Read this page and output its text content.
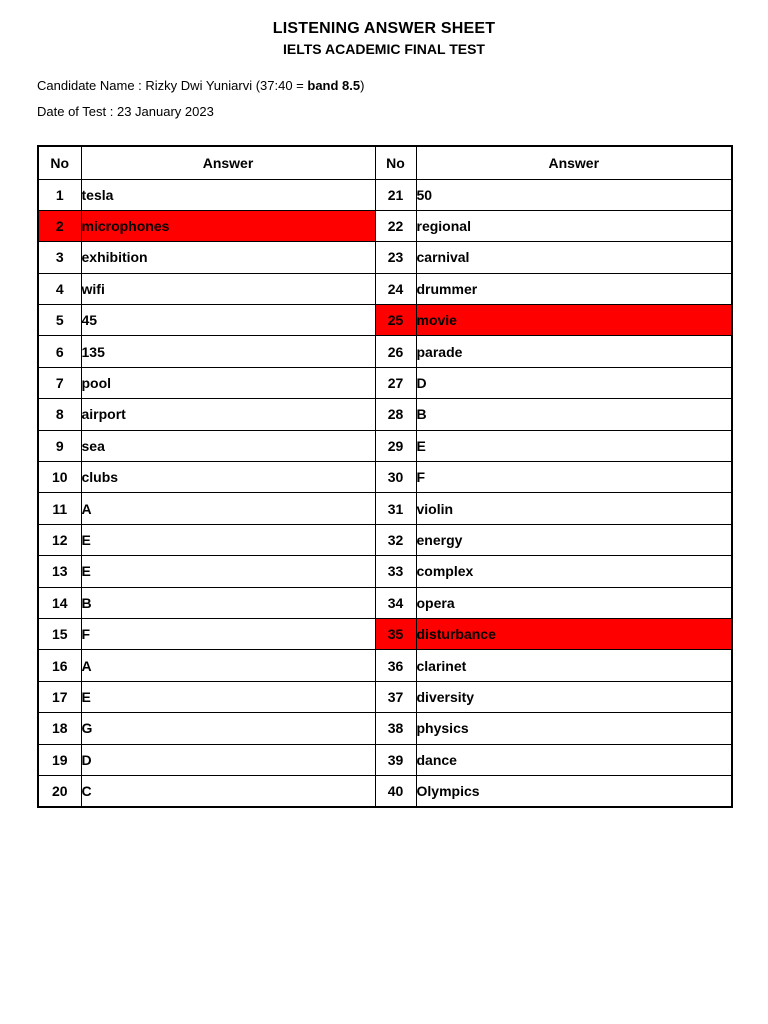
LISTENING ANSWER SHEET
IELTS ACADEMIC FINAL TEST
Candidate Name : Rizky Dwi Yuniarvi (37:40 = band 8.5)
Date of Test : 23 January 2023
No	Answer	No	Answer
1	tesla	21	50
2	microphones	22	regional
3	exhibition	23	carnival
4	wifi	24	drummer
5	45	25	movie
6	135	26	parade
7	pool	27	D
8	airport	28	B
9	sea	29	E
10	clubs	30	F
11	A	31	violin
12	E	32	energy
13	E	33	complex
14	B	34	opera
15	F	35	disturbance
16	A	36	clarinet
17	E	37	diversity
18	G	38	physics
19	D	39	dance
20	C	40	Olympics
